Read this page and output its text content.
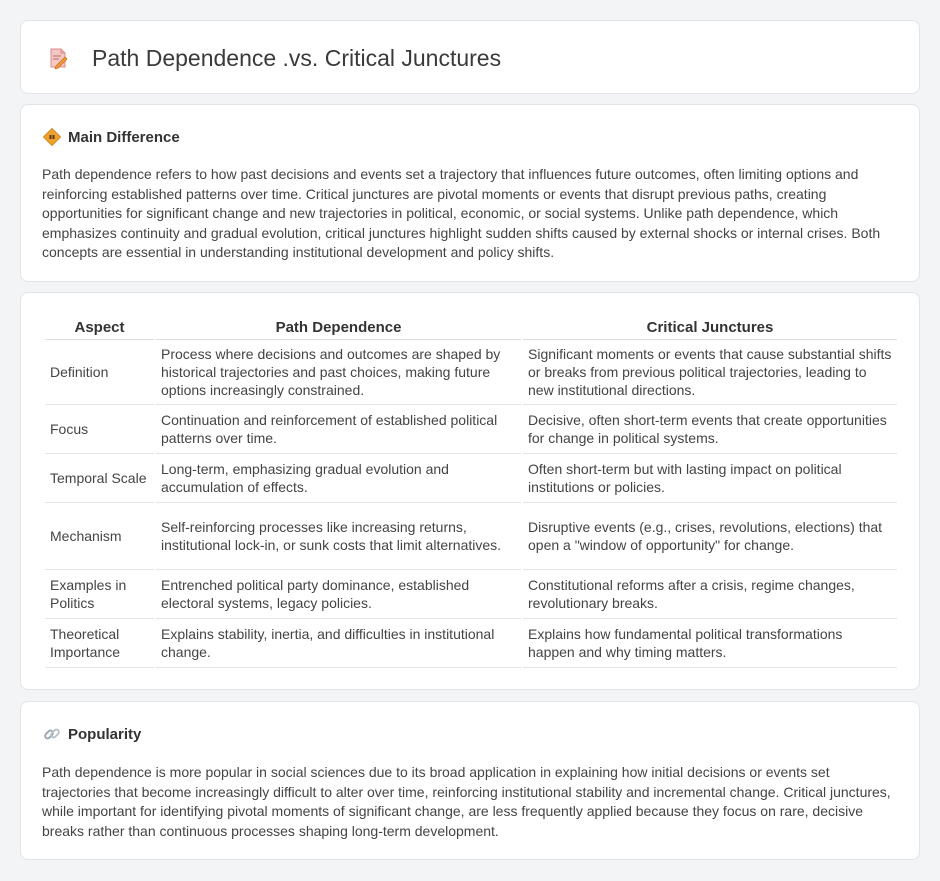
Path Dependence .vs. Critical Junctures
Main Difference

Path dependence refers to how past decisions and events set a trajectory that influences future outcomes, often limiting options and reinforcing established patterns over time. Critical junctures are pivotal moments or events that disrupt previous paths, creating opportunities for significant change and new trajectories in political, economic, or social systems. Unlike path dependence, which emphasizes continuity and gradual evolution, critical junctures highlight sudden shifts caused by external shocks or internal crises. Both concepts are essential in understanding institutional development and policy shifts.

Aspect	Path Dependence	Critical Junctures
Definition	Process where decisions and outcomes are shaped by historical trajectories and past choices, making future options increasingly constrained.	Significant moments or events that cause substantial shifts or breaks from previous political trajectories, leading to new institutional directions.
Focus	Continuation and reinforcement of established political patterns over time.	Decisive, often short-term events that create opportunities for change in political systems.
Temporal Scale	Long-term, emphasizing gradual evolution and accumulation of effects.	Often short-term but with lasting impact on political institutions or policies.
Mechanism	Self-reinforcing processes like increasing returns, institutional lock-in, or sunk costs that limit alternatives.	Disruptive events (e.g., crises, revolutions, elections) that open a "window of opportunity" for change.
Examples in Politics	Entrenched political party dominance, established electoral systems, legacy policies.	Constitutional reforms after a crisis, regime changes, revolutionary breaks.
Theoretical Importance	Explains stability, inertia, and difficulties in institutional change.	Explains how fundamental political transformations happen and why timing matters.
Popularity

Path dependence is more popular in social sciences due to its broad application in explaining how initial decisions or events set trajectories that become increasingly difficult to alter over time, reinforcing institutional stability and incremental change. Critical junctures, while important for identifying pivotal moments of significant change, are less frequently applied because they focus on rare, decisive breaks rather than continuous processes shaping long-term development.
